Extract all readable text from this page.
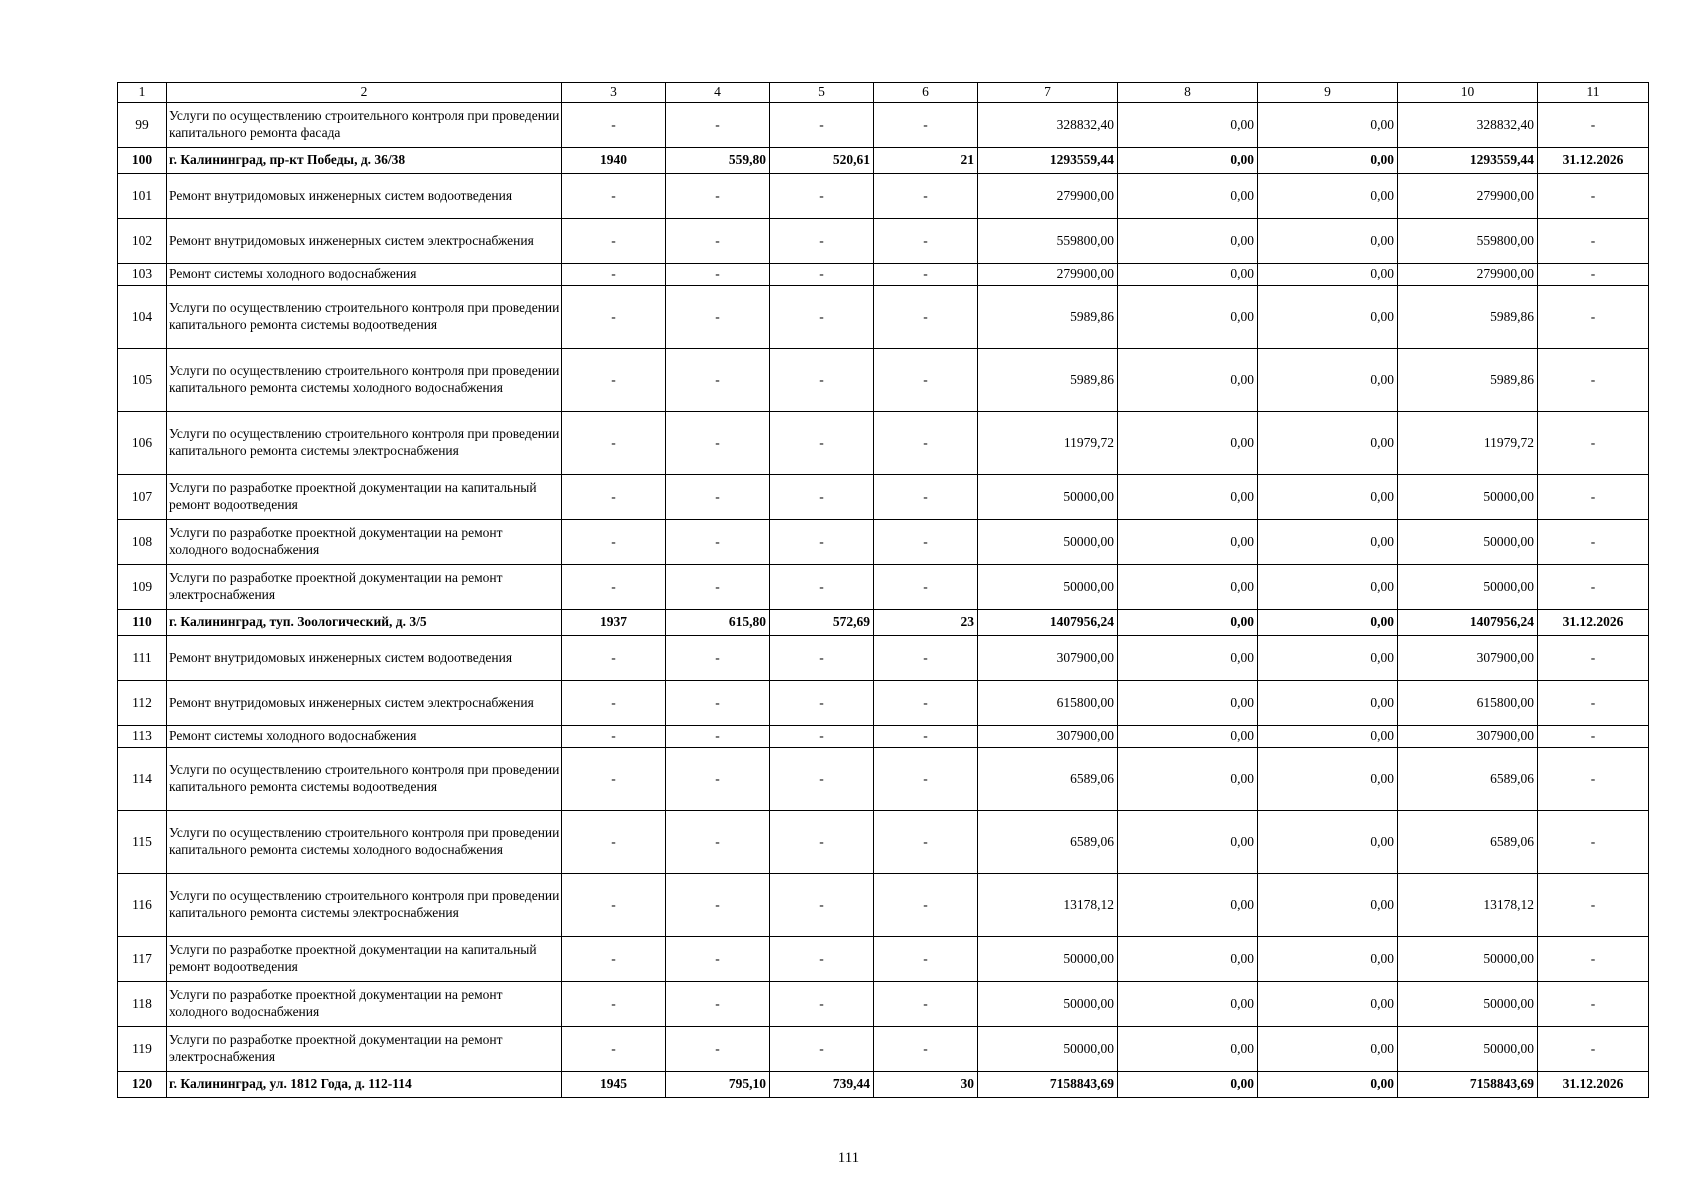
1	2	3	4	5	6	7	8	9	10	11
99	Услуги по осуществлению строительного контроля при проведении капитального ремонта фасада	-	-	-	-	328832,40	0,00	0,00	328832,40	-
100	г. Калининград, пр-кт Победы, д. 36/38	1940	559,80	520,61	21	1293559,44	0,00	0,00	1293559,44	31.12.2026
101	Ремонт внутридомовых инженерных систем водоотведения	-	-	-	-	279900,00	0,00	0,00	279900,00	-
102	Ремонт внутридомовых инженерных систем электроснабжения	-	-	-	-	559800,00	0,00	0,00	559800,00	-
103	Ремонт системы холодного водоснабжения	-	-	-	-	279900,00	0,00	0,00	279900,00	-
104	Услуги по осуществлению строительного контроля при проведении капитального ремонта системы водоотведения	-	-	-	-	5989,86	0,00	0,00	5989,86	-
105	Услуги по осуществлению строительного контроля при проведении капитального ремонта системы холодного водоснабжения	-	-	-	-	5989,86	0,00	0,00	5989,86	-
106	Услуги по осуществлению строительного контроля при проведении капитального ремонта системы электроснабжения	-	-	-	-	11979,72	0,00	0,00	11979,72	-
107	Услуги по разработке проектной документации на капитальный ремонт водоотведения	-	-	-	-	50000,00	0,00	0,00	50000,00	-
108	Услуги по разработке проектной документации на ремонт холодного водоснабжения	-	-	-	-	50000,00	0,00	0,00	50000,00	-
109	Услуги по разработке проектной документации на ремонт электроснабжения	-	-	-	-	50000,00	0,00	0,00	50000,00	-
110	г. Калининград, туп. Зоологический, д. 3/5	1937	615,80	572,69	23	1407956,24	0,00	0,00	1407956,24	31.12.2026
111	Ремонт внутридомовых инженерных систем водоотведения	-	-	-	-	307900,00	0,00	0,00	307900,00	-
112	Ремонт внутридомовых инженерных систем электроснабжения	-	-	-	-	615800,00	0,00	0,00	615800,00	-
113	Ремонт системы холодного водоснабжения	-	-	-	-	307900,00	0,00	0,00	307900,00	-
114	Услуги по осуществлению строительного контроля при проведении капитального ремонта системы водоотведения	-	-	-	-	6589,06	0,00	0,00	6589,06	-
115	Услуги по осуществлению строительного контроля при проведении капитального ремонта системы холодного водоснабжения	-	-	-	-	6589,06	0,00	0,00	6589,06	-
116	Услуги по осуществлению строительного контроля при проведении капитального ремонта системы электроснабжения	-	-	-	-	13178,12	0,00	0,00	13178,12	-
117	Услуги по разработке проектной документации на капитальный ремонт водоотведения	-	-	-	-	50000,00	0,00	0,00	50000,00	-
118	Услуги по разработке проектной документации на ремонт холодного водоснабжения	-	-	-	-	50000,00	0,00	0,00	50000,00	-
119	Услуги по разработке проектной документации на ремонт электроснабжения	-	-	-	-	50000,00	0,00	0,00	50000,00	-
120	г. Калининград, ул. 1812 Года, д. 112-114	1945	795,10	739,44	30	7158843,69	0,00	0,00	7158843,69	31.12.2026
111
